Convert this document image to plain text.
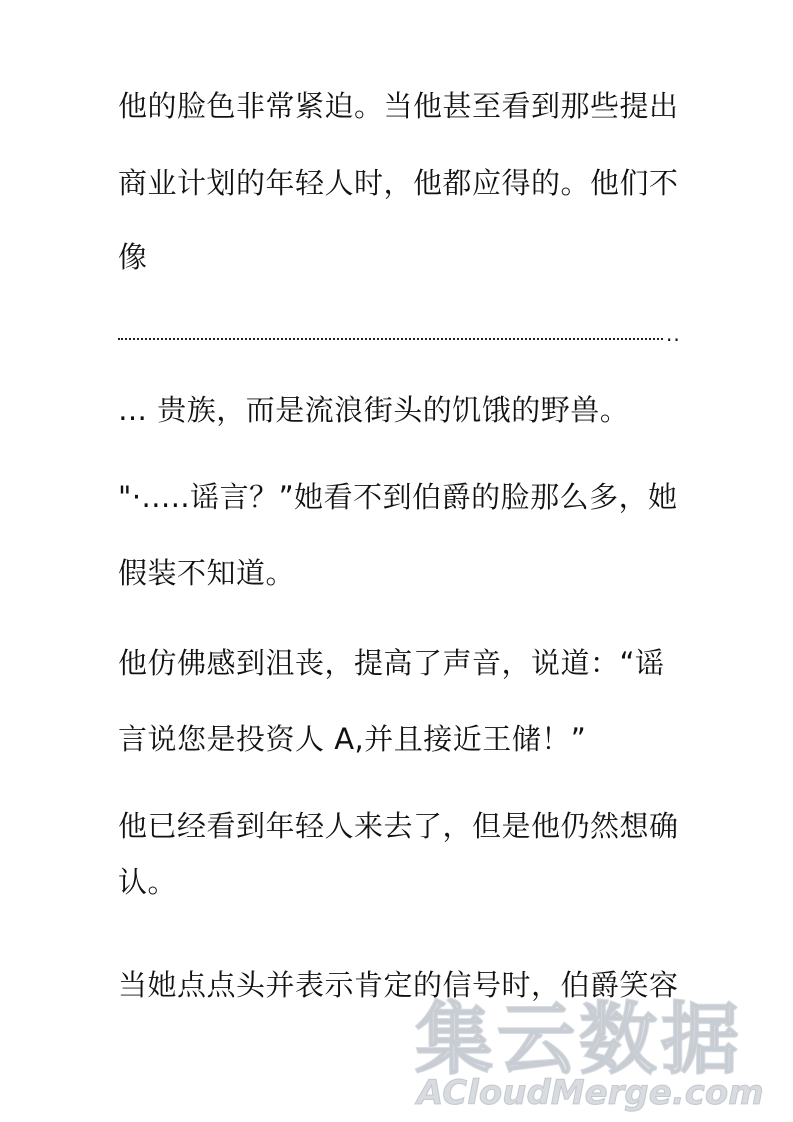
他的脸色非常紧迫。当他甚至看到那些提出
商业计划的年轻人时，他都应得的。他们不
像
..
… 贵族，而是流浪街头的饥饿的野兽。
"·.....谣言？”她看不到伯爵的脸那么多，她
假装不知道。
他仿佛感到沮丧，提高了声音，说道：“谣
言说您是投资人 A,并且接近王储！”
他已经看到年轻人来去了，但是他仍然想确
认。
当她点点头并表示肯定的信号时，伯爵笑容
集云数据
ACloudMerge.com
